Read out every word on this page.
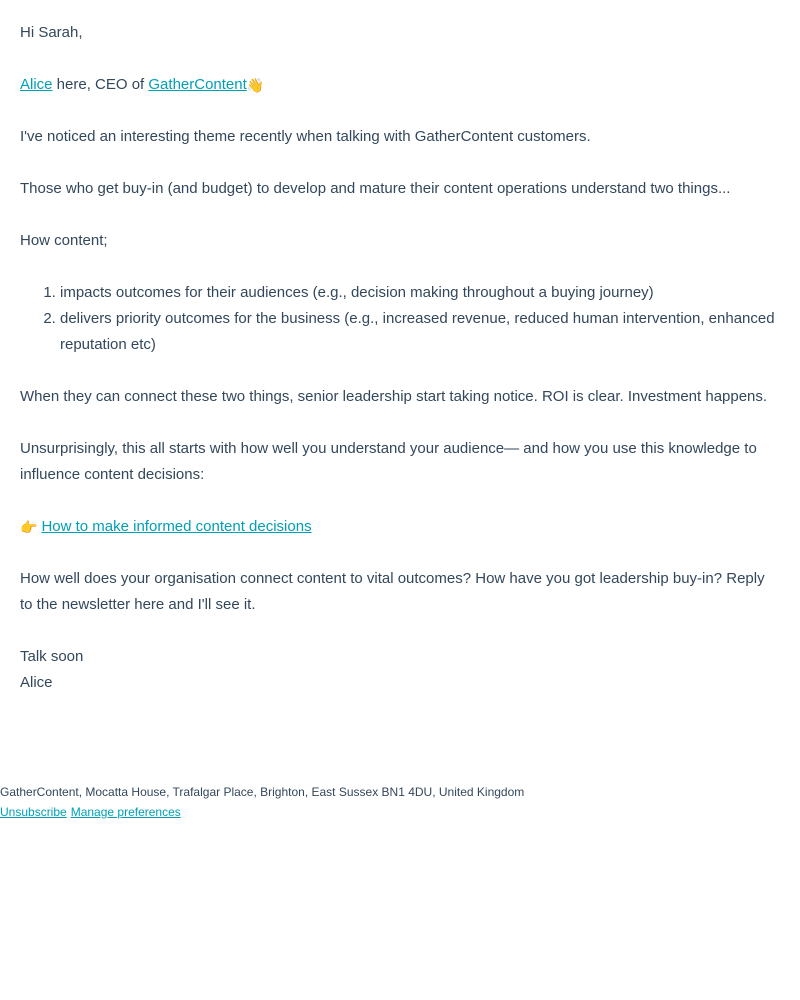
Hi Sarah,

Alice here, CEO of GatherContent👋

I've noticed an interesting theme recently when talking with GatherContent customers.

Those who get buy-in (and budget) to develop and mature their content operations understand two things...

How content;

1. impacts outcomes for their audiences (e.g., decision making throughout a buying journey)
2. delivers priority outcomes for the business (e.g., increased revenue, reduced human intervention, enhanced reputation etc)

When they can connect these two things, senior leadership start taking notice. ROI is clear. Investment happens.

Unsurprisingly, this all starts with how well you understand your audience— and how you use this knowledge to influence content decisions:

👉 How to make informed content decisions

How well does your organisation connect content to vital outcomes? How have you got leadership buy-in? Reply to the newsletter here and I'll see it.

Talk soon
Alice

GatherContent, Mocatta House, Trafalgar Place, Brighton, East Sussex BN1 4DU, United Kingdom
Unsubscribe Manage preferences
